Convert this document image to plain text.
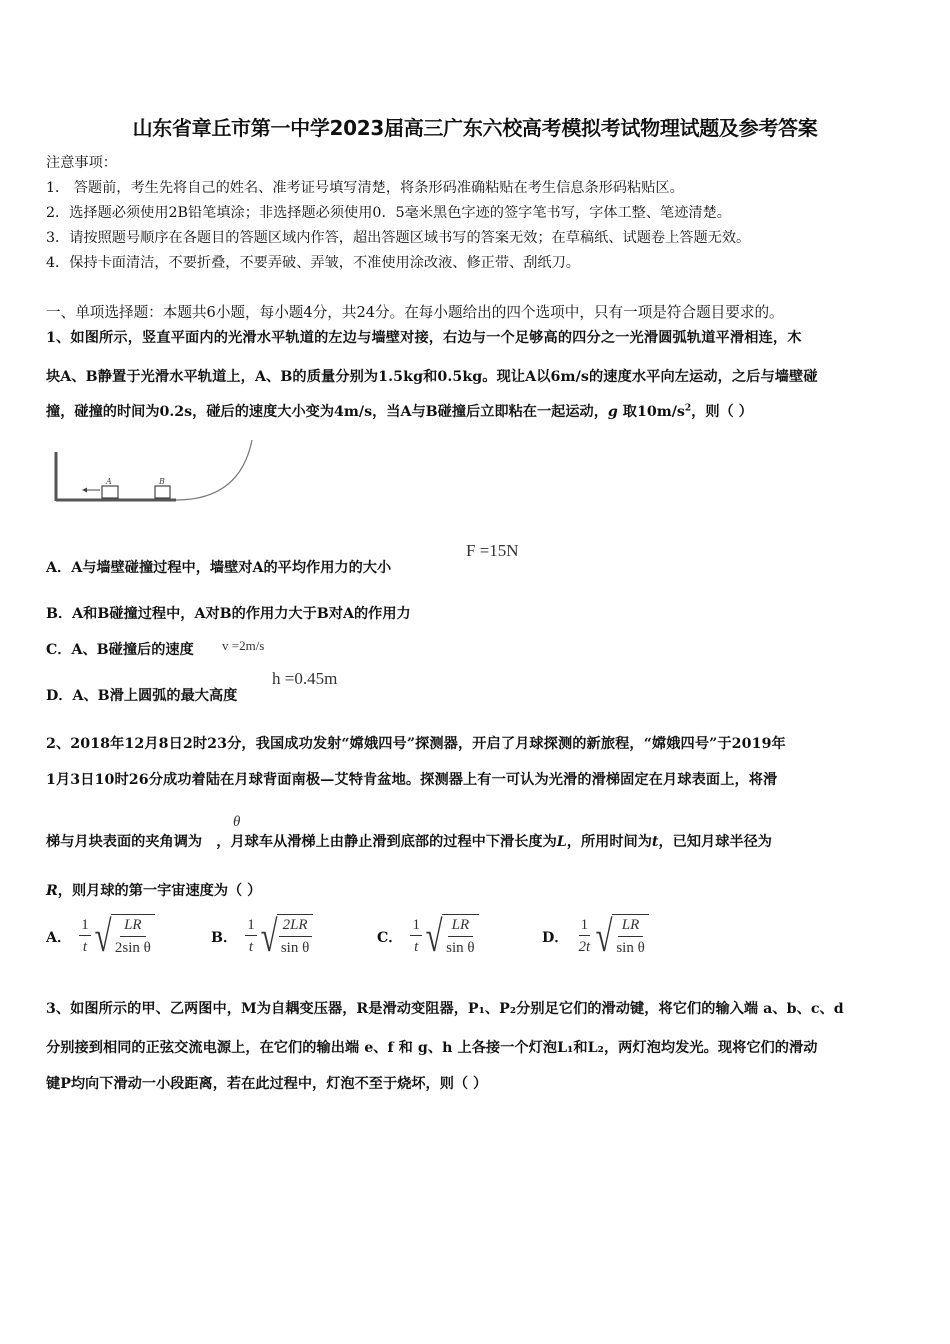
山东省章丘市第一中学2023届高三广东六校高考模拟考试物理试题及参考答案
注意事项：
1． 答题前，考生先将自己的姓名、准考证号填写清楚，将条形码准确粘贴在考生信息条形码粘贴区。
2．选择题必须使用2B铅笔填涂；非选择题必须使用0．5毫米黑色字迹的签字笔书写，字体工整、笔迹清楚。
3．请按照题号顺序在各题目的答题区域内作答，超出答题区域书写的答案无效；在草稿纸、试题卷上答题无效。
4．保持卡面清洁，不要折叠，不要弄破、弄皱，不准使用涂改液、修正带、刮纸刀。
一、单项选择题：本题共6小题，每小题4分，共24分。在每小题给出的四个选项中，只有一项是符合题目要求的。
1、如图所示，竖直平面内的光滑水平轨道的左边与墙壁对接，右边与一个足够高的四分之一光滑圆弧轨道平滑相连，木
块A、B静置于光滑水平轨道上，A、B的质量分别为1.5kg和0.5kg。现让A以6m/s的速度水平向左运动，之后与墙壁碰
撞，碰撞的时间为0.2s，碰后的速度大小变为4m/s，当A与B碰撞后立即粘在一起运动，g 取$10m/s^2$，则（ ）
A	B
A．A与墙壁碰撞过程中，墙壁对A的平均作用力的大小
F =15N
B．A和B碰撞过程中，A对B的作用力大于B对A的作用力
C．A、B碰撞后的速度 v =2m/s
D．A、B滑上圆弧的最大高度
h =0.45m
2、2018年12月8日2时23分，我国成功发射“嫦娥四号”探测器，开启了月球探测的新旅程，“嫦娥四号”于2019年
1月3日10时26分成功着陆在月球背面南极—艾特肯盆地。探测器上有一可认为光滑的滑梯固定在月球表面上，将滑
梯与月块表面的夹角调为　 ，月球车从滑梯上由静止滑到底部的过程中下滑长度为L，所用时间为t，已知月球半径为
θ
R，则月球的第一宇宙速度为（ ）
A． $\frac{1}{t}$ √ LR
2sin θ
B． $\frac{1}{t}$ √ 2LR
sin θ
C． $\frac{1}{t}$ √ LR
sin θ
D． $\frac{1}{2t}$ √ LR
sin θ
3、如图所示的甲、乙两图中，M为自耦变压器，R是滑动变阻器，P₁、P₂分别足它们的滑动键，将它们的输入端 a、b、c、d
分别接到相同的正弦交流电源上，在它们的输出端 e、f 和 g、h 上各接一个灯泡L₁和L₂，两灯泡均发光。现将它们的滑动
键P均向下滑动一小段距离，若在此过程中，灯泡不至于烧坏，则（ ）
